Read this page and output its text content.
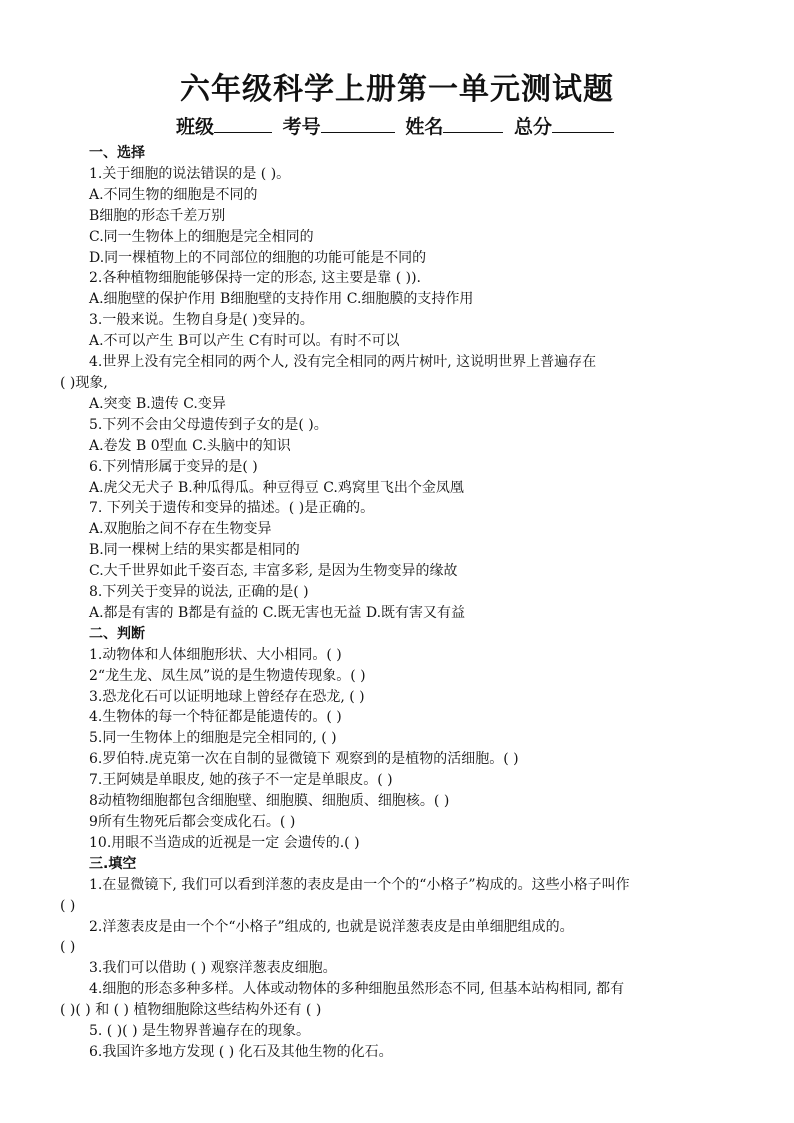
六年级科学上册第一单元测试题
班级	考号	姓名	总分
一、选择
1.关于细胞的说法错误的是 ( )。
A.不同生物的细胞是不同的
B细胞的形态千差万别
C.同一生物体上的细胞是完全相同的
D.同一棵植物上的不同部位的细胞的功能可能是不同的
2.各种植物细胞能够保持一定的形态, 这主要是靠 ( )).
A.细胞壁的保护作用 B细胞壁的支持作用 C.细胞膜的支持作用
3.一般来说。生物自身是( )变异的。
A.不可以产生 B可以产生 C有时可以。有时不可以
4.世界上没有完全相同的两个人, 没有完全相同的两片树叶, 这说明世界上普遍存在
( )现象,
A.突变 B.遗传 C.变异
5.下列不会由父母遗传到子女的是( )。
A.卷发 B 0型血 C.头脑中的知识
6.下列情形属于变异的是( )
A.虎父无犬子 B.种瓜得瓜。种豆得豆 C.鸡窝里飞出个金凤凰
7. 下列关于遗传和变异的描述。( )是正确的。
A.双胞胎之间不存在生物变异
B.同一棵树上结的果实都是相同的
C.大千世界如此千姿百态, 丰富多彩, 是因为生物变异的缘故
8.下列关于变异的说法, 正确的是( )
A.都是有害的 B都是有益的 C.既无害也无益 D.既有害又有益
二、判断
1.动物体和人体细胞形状、大小相同。( )
2“龙生龙、凤生凤”说的是生物遗传现象。( )
3.恐龙化石可以证明地球上曾经存在恐龙, ( )
4.生物体的每一个特征都是能遗传的。( )
5.同一生物体上的细胞是完全相同的, ( )
6.罗伯特.虎克第一次在自制的显微镜下 观察到的是植物的活细胞。( )
7.王阿姨是单眼皮, 她的孩子不一定是单眼皮。( )
8动植物细胞都包含细胞壁、细胞膜、细胞质、细胞核。( )
9所有生物死后都会变成化石。( )
10.用眼不当造成的近视是一定 会遗传的.( )
三.填空
1.在显微镜下, 我们可以看到洋葱的表皮是由一个个的“小格子”构成的。这些小格子叫作
( )
2.洋葱表皮是由一个个“小格子”组成的, 也就是说洋葱表皮是由单细肥组成的。
( )
3.我们可以借助 ( ) 观察洋葱表皮细胞。
4.细胞的形态多种多样。人体或动物体的多种细胞虽然形态不同, 但基本站构相同, 都有
( )( ) 和 ( ) 植物细胞除这些结构外还有 ( )
5. ( )( ) 是生物界普遍存在的现象。
6.我国许多地方发现 ( ) 化石及其他生物的化石。
